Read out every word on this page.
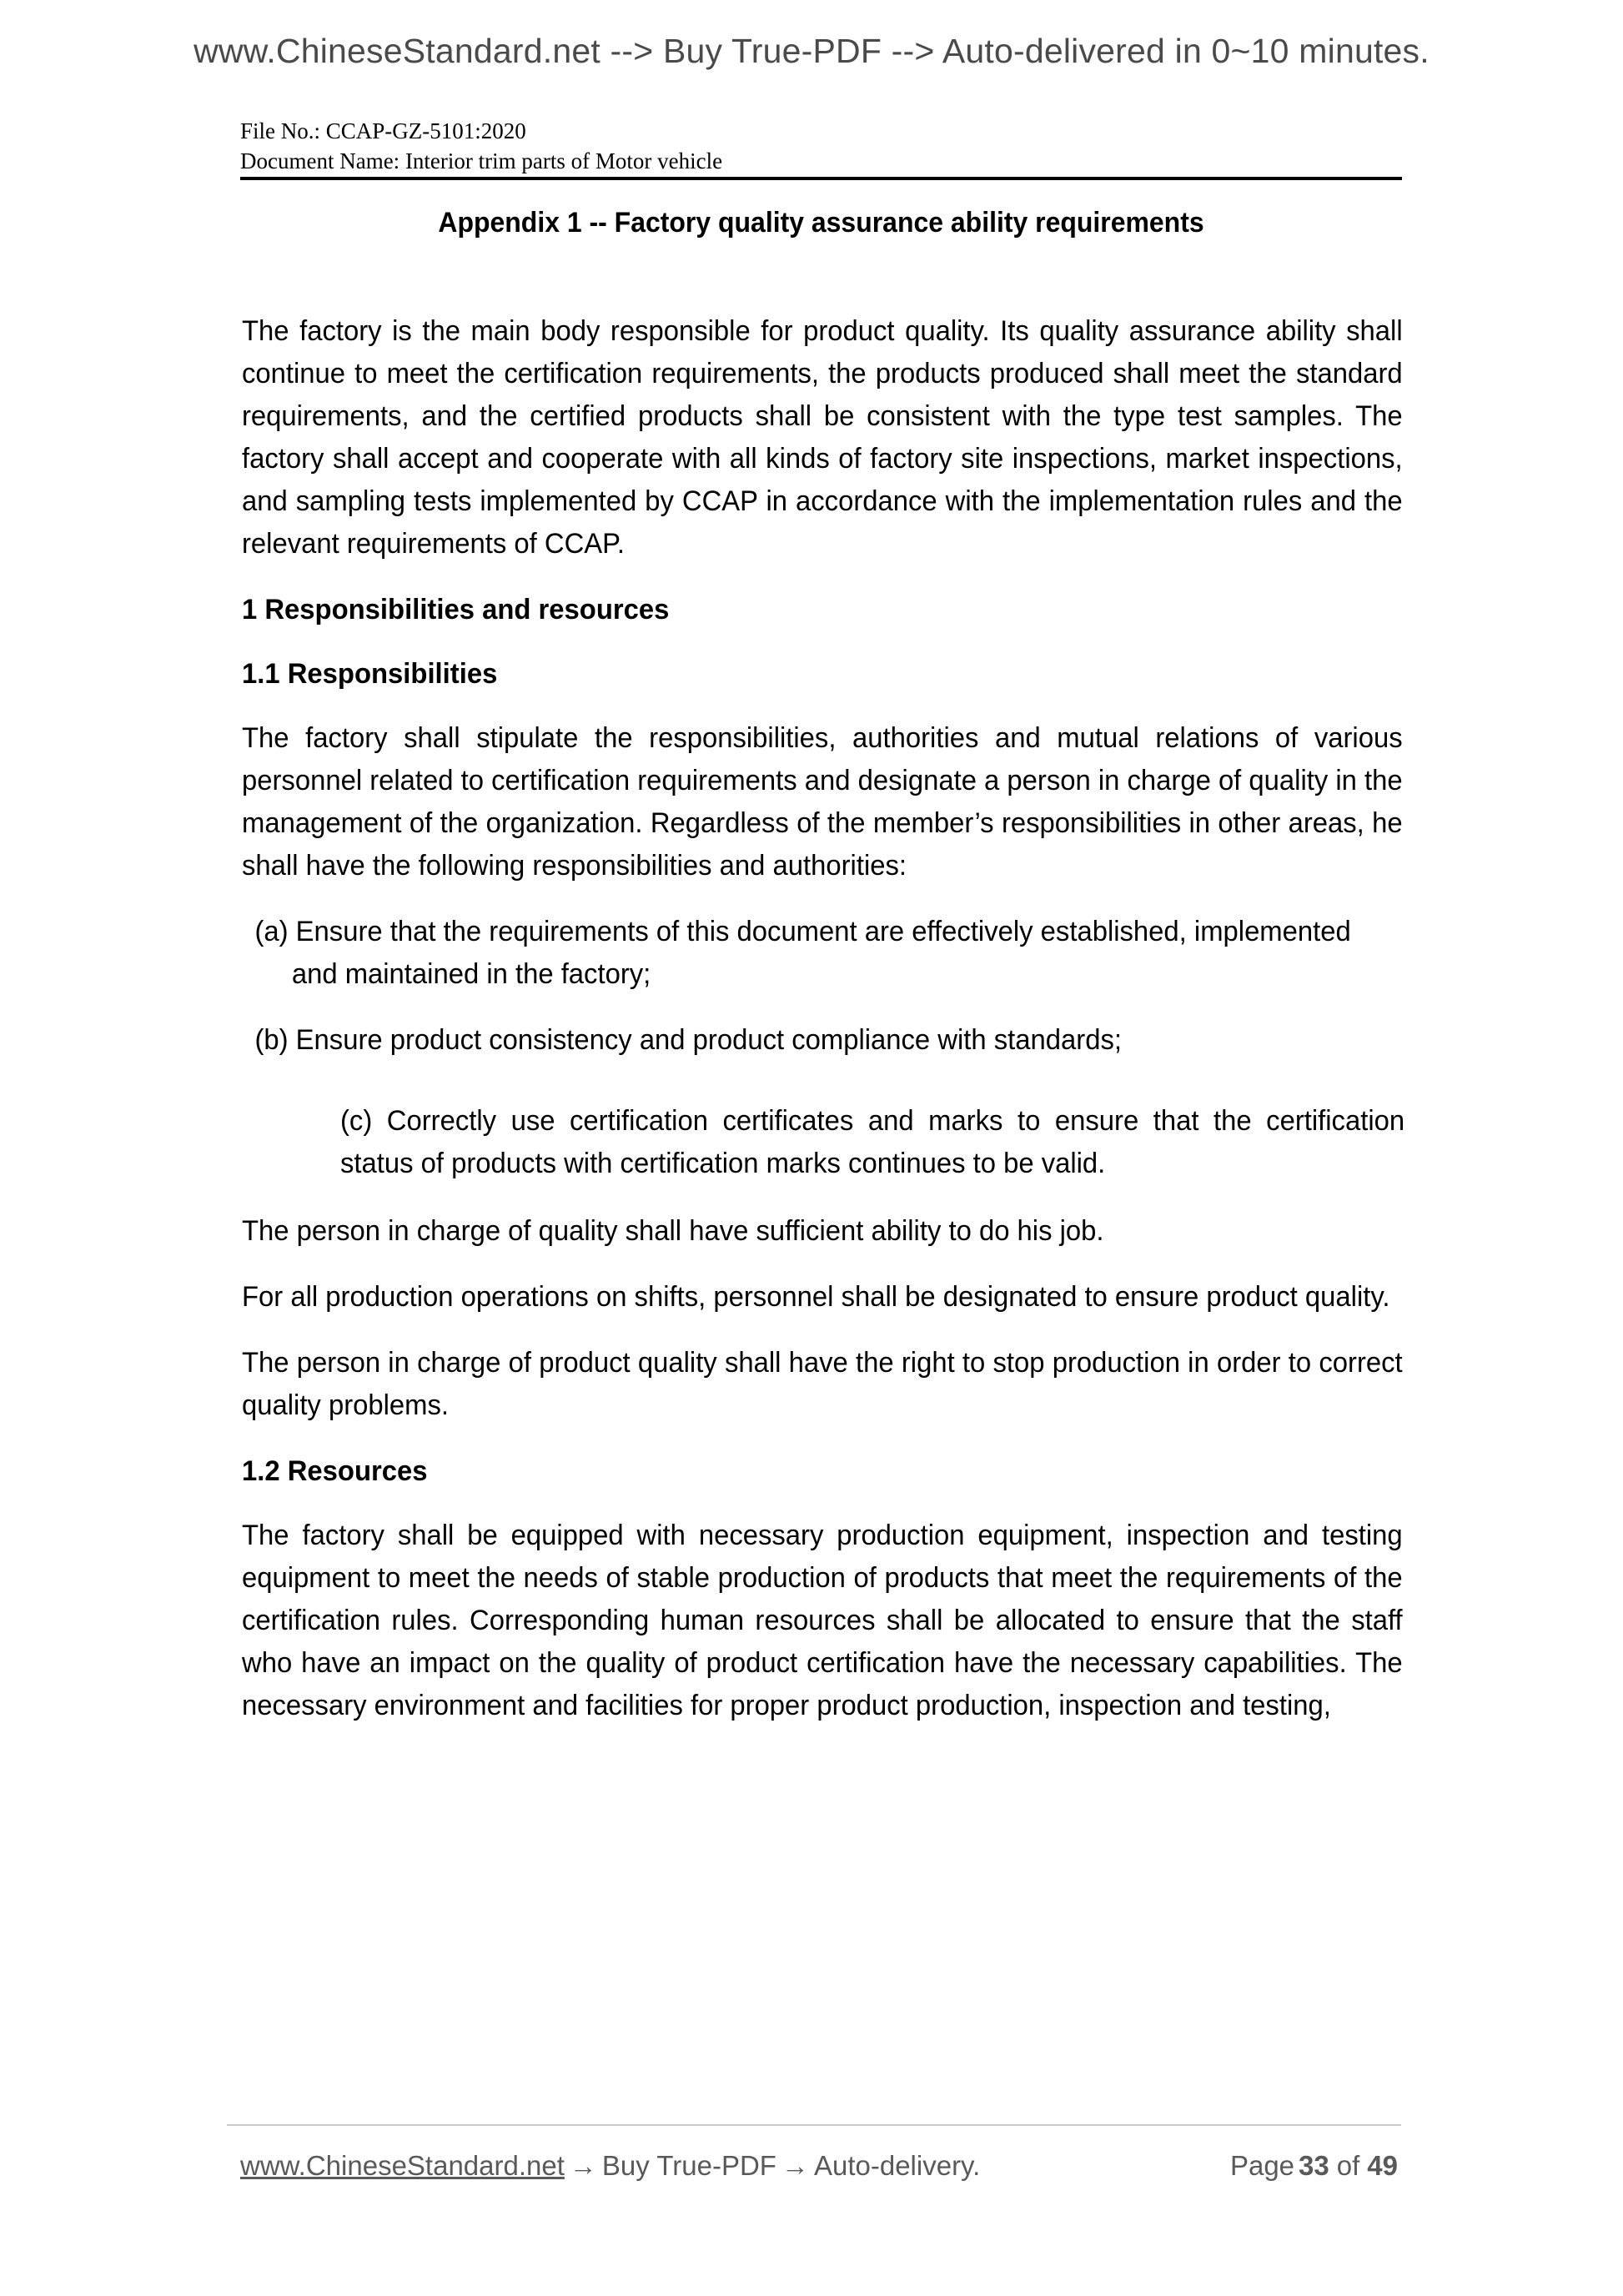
www.ChineseStandard.net --> Buy True-PDF --> Auto-delivered in 0~10 minutes.
File No.: CCAP-GZ-5101:2020
Document Name: Interior trim parts of Motor vehicle
Appendix 1 -- Factory quality assurance ability requirements

The factory is the main body responsible for product quality. Its quality assurance ability shall continue to meet the certification requirements, the products produced shall meet the standard requirements, and the certified products shall be consistent with the type test samples. The factory shall accept and cooperate with all kinds of factory site inspections, market inspections, and sampling tests implemented by CCAP in accordance with the implementation rules and the relevant requirements of CCAP.

1 Responsibilities and resources
1.1 Responsibilities

The factory shall stipulate the responsibilities, authorities and mutual relations of various personnel related to certification requirements and designate a person in charge of quality in the management of the organization. Regardless of the member’s responsibilities in other areas, he shall have the following responsibilities and authorities:

(a) Ensure that the requirements of this document are effectively established, implemented and maintained in the factory;

(b) Ensure product consistency and product compliance with standards;

(c) Correctly use certification certificates and marks to ensure that the certification status of products with certification marks continues to be valid.

The person in charge of quality shall have sufficient ability to do his job.

For all production operations on shifts, personnel shall be designated to ensure product quality.

The person in charge of product quality shall have the right to stop production in order to correct quality problems.

1.2 Resources

The factory shall be equipped with necessary production equipment, inspection and testing equipment to meet the needs of stable production of products that meet the requirements of the certification rules. Corresponding human resources shall be allocated to ensure that the staff who have an impact on the quality of product certification have the necessary capabilities. The necessary environment and facilities for proper product production, inspection and testing,

www.ChineseStandard.net → Buy True-PDF → Auto-delivery.	Page 33 of 49
